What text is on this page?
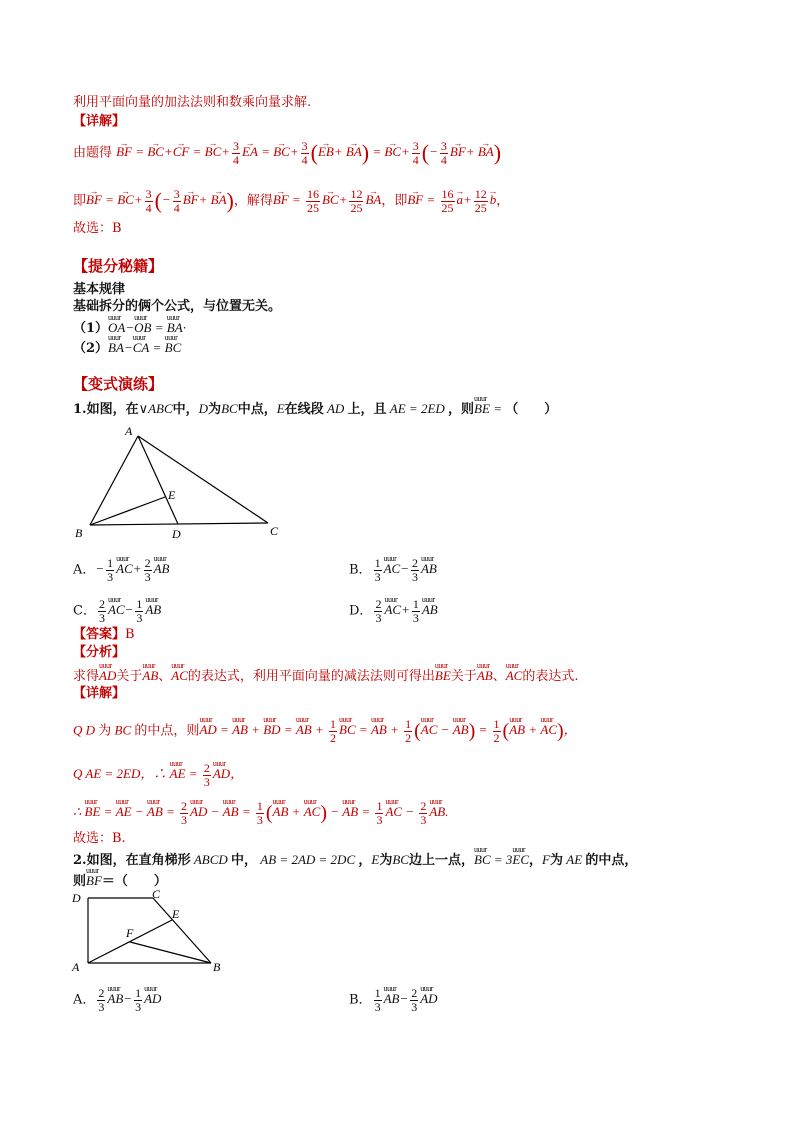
利用平面向量的加法法则和数乘向量求解.
【详解】
由题得 → BF = → BC+→ CF = → $BC+ \frac{3}{4}$
→ EA = → $BC+ \frac{3}{4}$ (→ EB+ → BA) = → $BC+ \frac{3}{4}$ (− $\frac{3}{4}$
→ BF+ → BA)
即→ BF = → $BC+ \frac{3}{4}$ (− $\frac{3}{4}$
→ BF+ → BA)，解得→ BF = $\frac{16}{25}$
→ $BC+ \frac{12}{25}$
→ BA，即→ BF = $\frac{16}{25}$
→ $a+ \frac{12}{25}$
→ b，
故选：B
【提分秘籍】
基本规律
基础拆分的俩个公式，与位置无关。
（1）uuur OA−uuur OB = uuur BA·
（2）uuur BA−uuur CA = uuur BC
【变式演练】
1.如图，在∨ABC中，D为BC中点，E在线段 AD 上，且 AE = 2ED ，则uuur BE = （　　）
A
B	D	C
E
A．− $\frac{1}{3}$
uuur $AC+ \frac{2}{3}$
uuur AB	B． $\frac{1}{3}$
uuur $AC- \frac{2}{3}$
uuur AB
C． $\frac{2}{3}$
uuur $AC- \frac{1}{3}$
uuur AB	D． $\frac{2}{3}$
uuur $AC+ \frac{1}{3}$
uuur AB
【答案】B
【分析】
求得uuur AD关于uuur AB、uuur AC的表达式，利用平面向量的减法法则可得出uuur BE关于uuur AB、uuur AC的表达式.
【详解】
Q D 为 BC 的中点，则uuur AD = uuur AB + uuur BD = uuur AB + $\frac{1}{2}$
uuur BC = uuur AB + $\frac{1}{2}$ (uuur AC − uuur $AB) = \frac{1}{2}$ (uuur AB + uuur AC)，
Q AE = 2ED，∴ uuur AE = $\frac{2}{3}$
uuur AD，
∴ uuur BE = uuur AE − uuur AB = $\frac{2}{3}$
uuur AD − uuur AB = $\frac{1}{3}$ (uuur AB + uuur AC) − uuur AB = $\frac{1}{3}$
uuur AC − $\frac{2}{3}$
uuur AB.
故选：B.
2.如图，在直角梯形 ABCD 中， AB = 2AD = 2DC ，E为BC边上一点，uuur BC = 3uuur EC，F为 AE 的中点，
则uuur BF＝（　　）
D	C
E
F
A	B
A． $\frac{2}{3}$
uuur $AB- \frac{1}{3}$
uuur AD	B． $\frac{1}{3}$
uuur $AB- \frac{2}{3}$
uuur AD
